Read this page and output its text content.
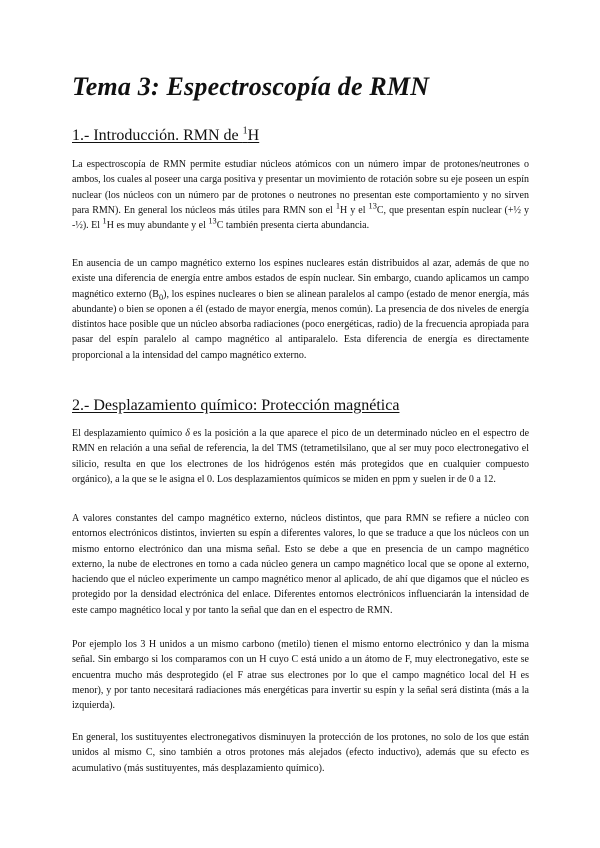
Tema 3: Espectroscopía de RMN
1.- Introducción. RMN de $^1$H

La espectroscopía de RMN permite estudiar núcleos atómicos con un número impar de protones/neutrones o ambos, los cuales al poseer una carga positiva y presentar un movimiento de rotación sobre su eje poseen un espín nuclear (los núcleos con un número par de protones o neutrones no presentan este comportamiento y no sirven para RMN). En general los núcleos más útiles para RMN son el $^1$H y el $^{13}$C, que presentan espín nuclear (+½ y -½). El $^1$H es muy abundante y el $^{13}$C también presenta cierta abundancia.

En ausencia de un campo magnético externo los espines nucleares están distribuidos al azar, además de que no existe una diferencia de energía entre ambos estados de espín nuclear. Sin embargo, cuando aplicamos un campo magnético externo $(B_0)$, los espines nucleares o bien se alinean paralelos al campo (estado de menor energía, más abundante) o bien se oponen a él (estado de mayor energía, menos común). La presencia de dos niveles de energía distintos hace posible que un núcleo absorba radiaciones (poco energéticas, radio) de la frecuencia apropiada para pasar del espín paralelo al campo magnético al antiparalelo. Esta diferencia de energía es directamente proporcional a la intensidad del campo magnético externo.

2.- Desplazamiento químico: Protección magnética

El desplazamiento químico δ es la posición a la que aparece el pico de un determinado núcleo en el espectro de RMN en relación a una señal de referencia, la del TMS (tetrametilsilano, que al ser muy poco electronegativo el silicio, resulta en que los electrones de los hidrógenos estén más protegidos que en cualquier compuesto orgánico), a la que se le asigna el 0. Los desplazamientos químicos se miden en ppm y suelen ir de 0 a 12.

A valores constantes del campo magnético externo, núcleos distintos, que para RMN se refiere a núcleo con entornos electrónicos distintos, invierten su espín a diferentes valores, lo que se traduce a que los núcleos con un mismo entorno electrónico dan una misma señal. Esto se debe a que en presencia de un campo magnético externo, la nube de electrones en torno a cada núcleo genera un campo magnético local que se opone al externo, haciendo que el núcleo experimente un campo magnético menor al aplicado, de ahí que digamos que el núcleo es protegido por la densidad electrónica del enlace. Diferentes entornos electrónicos influenciarán la intensidad de este campo magnético local y por tanto la señal que dan en el espectro de RMN.

Por ejemplo los 3 H unidos a un mismo carbono (metilo) tienen el mismo entorno electrónico y dan la misma señal. Sin embargo si los comparamos con un H cuyo C está unido a un átomo de F, muy electronegativo, este se encuentra mucho más desprotegido (el F atrae sus electrones por lo que el campo magnético local del H es menor), y por tanto necesitará radiaciones más energéticas para invertir su espín y la señal será distinta (más a la izquierda).

En general, los sustituyentes electronegativos disminuyen la protección de los protones, no solo de los que están unidos al mismo C, sino también a otros protones más alejados (efecto inductivo), además que su efecto es acumulativo (más sustituyentes, más desplazamiento químico).
